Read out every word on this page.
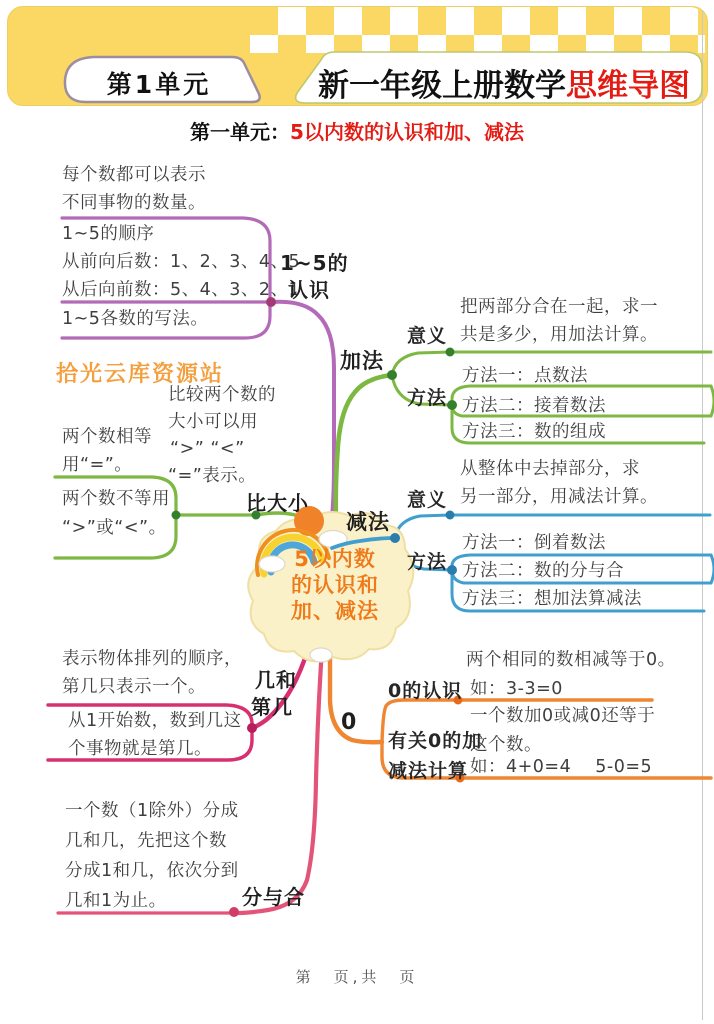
第1单元	新一年级上册数学思维导图
第一单元：5以内数的认识和加、减法
每个数都可以表示
不同事物的数量。
1~5的顺序
从前向后数：1、2、3、4、5
从后向前数：5、4、3、2、1
1~5各数的写法。
1~5的
认识
拾光云库资源站
比较两个数的
大小可以用
“>” “<”
“=”表示。
两个数相等
用“=”。
两个数不等用
“>”或“<”。
比大小
加法
意义
把两部分合在一起，求一
共是多少，用加法计算。
方法
方法一：点数法
方法二：接着数法
方法三：数的组成
减法
意义
从整体中去掉部分，求
另一部分，用减法计算。
方法
方法一：倒着数法
方法二：数的分与合
方法三：想加法算减法
5以内数
的认识和
加、减法
表示物体排列的顺序，
第几只表示一个。
从1开始数，数到几这
个事物就是第几。
几和
第几
0
0的认识
两个相同的数相减等于0。
如：3-3=0
有关0的加
减法计算
一个数加0或减0还等于
这个数。
如：4+0=4　 5-0=5
一个数（1除外）分成
几和几，先把这个数
分成1和几，依次分到
几和1为止。	分与合
第　页,共　页
